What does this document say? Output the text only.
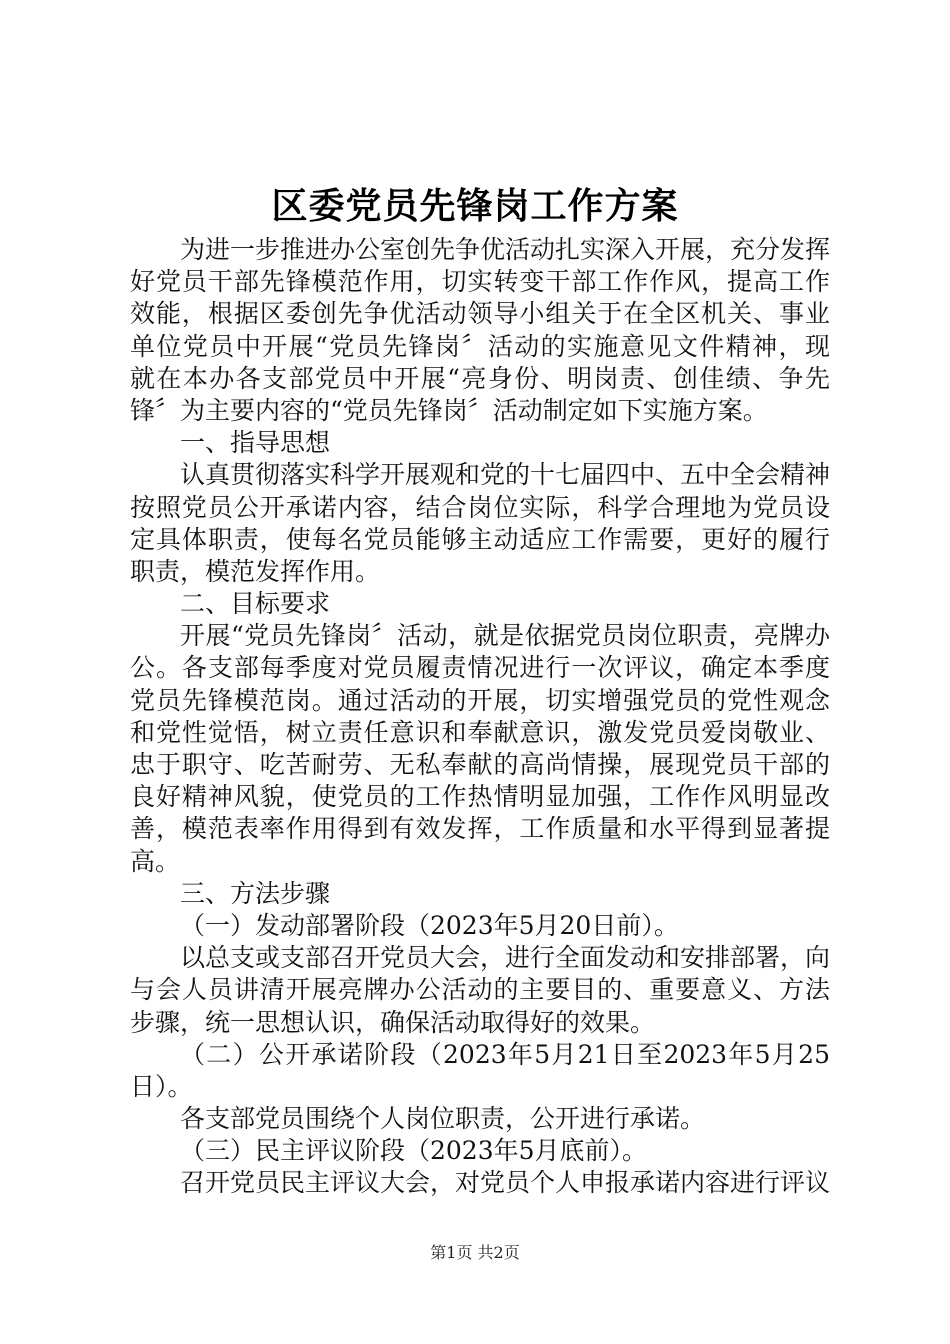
区委党员先锋岗工作方案
为进一步推进办公室创先争优活动扎实深入开展，充分发挥
好党员干部先锋模范作用，切实转变干部工作作风，提高工作
效能，根据区委创先争优活动领导小组关于在全区机关、事业
单位党员中开展“党员先锋岗〞活动的实施意见文件精神，现
就在本办各支部党员中开展“亮身份、明岗责、创佳绩、争先
锋〞为主要内容的“党员先锋岗〞活动制定如下实施方案。
一、指导思想
认真贯彻落实科学开展观和党的十七届四中、五中全会精神
按照党员公开承诺内容，结合岗位实际，科学合理地为党员设
定具体职责，使每名党员能够主动适应工作需要，更好的履行
职责，模范发挥作用。
二、目标要求
开展“党员先锋岗〞活动，就是依据党员岗位职责，亮牌办
公。各支部每季度对党员履责情况进行一次评议，确定本季度
党员先锋模范岗。通过活动的开展，切实增强党员的党性观念
和党性觉悟，树立责任意识和奉献意识，激发党员爱岗敬业、
忠于职守、吃苦耐劳、无私奉献的高尚情操，展现党员干部的
良好精神风貌，使党员的工作热情明显加强，工作作风明显改
善，模范表率作用得到有效发挥，工作质量和水平得到显著提
高。
三、方法步骤
（一）发动部署阶段（2023年5月20日前）。
以总支或支部召开党员大会，进行全面发动和安排部署，向
与会人员讲清开展亮牌办公活动的主要目的、重要意义、方法
步骤，统一思想认识，确保活动取得好的效果。
（二）公开承诺阶段（2023年5月21日至2023年5月25
日）。
各支部党员围绕个人岗位职责，公开进行承诺。
（三）民主评议阶段（2023年5月底前）。
召开党员民主评议大会，对党员个人申报承诺内容进行评议
第1页 共2页
